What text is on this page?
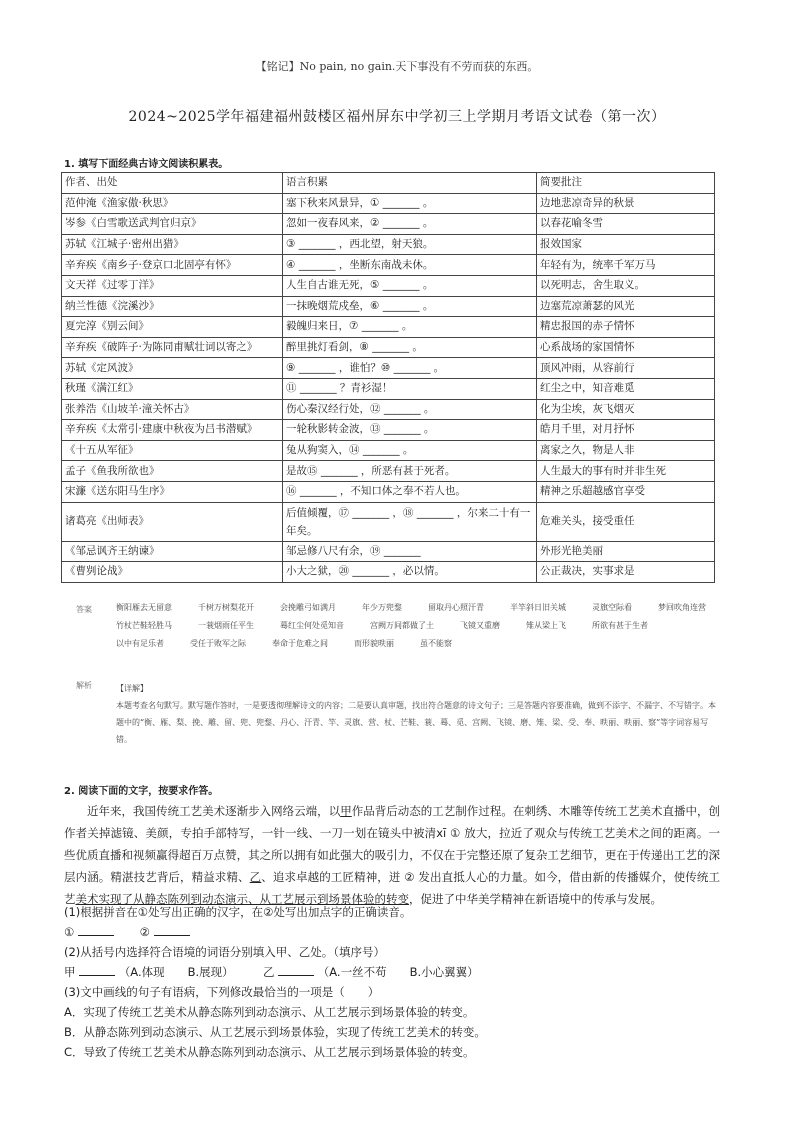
【铭记】No pain, no gain.天下事没有不劳而获的东西。
2024~2025学年福建福州鼓楼区福州屏东中学初三上学期月考语文试卷（第一次）
1. 填写下面经典古诗文阅读积累表。
作者、出处	语言积累	简要批注
范仲淹《渔家傲·秋思》	塞下秋来风景异，① _______ 。	边地悲凉奇异的秋景
岑参《白雪歌送武判官归京》	忽如一夜春风来，② _______ 。	以春花喻冬雪
苏轼《江城子·密州出猎》	③ _______ ，西北望，射天狼。	报效国家
辛弃疾《南乡子·登京口北固亭有怀》	④ _______ ，坐断东南战未休。	年轻有为，统率千军万马
文天祥《过零丁洋》	人生自古谁无死，⑤ _______ 。	以死明志，舍生取义。
纳兰性德《浣溪沙》	一抹晚烟荒戍垒，⑥ _______ 。	边塞荒凉萧瑟的风光
夏完淳《别云间》	毅魄归来日，⑦ _______ 。	精忠报国的赤子情怀
辛弃疾《破阵子·为陈同甫赋壮词以寄之》	醉里挑灯看剑，⑧ _______ 。	心系战场的家国情怀
苏轼《定风波》	⑨ _______ ，谁怕？⑩ _______ 。	顶风冲雨，从容前行
秋瑾《满江红》	⑪ _______ ？青衫湿！	红尘之中，知音难觅
张养浩《山坡羊·潼关怀古》	伤心秦汉经行处，⑫ _______ 。	化为尘埃，灰飞烟灭
辛弃疾《太常引·建康中秋夜为吕书潜赋》	一轮秋影转金波，⑬ _______ 。	皓月千里，对月抒怀
《十五从军征》	兔从狗窦入，⑭ _______ 。	离家之久，物是人非
孟子《鱼我所欲也》	是故⑮ _______ ，所恶有甚于死者。	人生最大的事有时并非生死
宋濂《送东阳马生序》	⑯ _______ ，不知口体之奉不若人也。	精神之乐超越感官享受
诸葛亮《出师表》	后值倾覆，⑰ _______ ，⑱ _______ ，尔来二十有一年矣。	危难关头，接受重任
《邹忌讽齐王纳谏》	邹忌修八尺有余，⑲ _______	外形光艳美丽
《曹刿论战》	小大之狱，⑳ _______ ，必以情。	公正裁决，实事求是
答案	衡阳雁去无留意	千树万树梨花开	会挽雕弓如满月	年少万兜鍪	留取丹心照汗青	半竿斜日旧关城	灵旗空际看	梦回吹角连营
竹杖芒鞋轻胜马	一蓑烟雨任平生	蓦红尘何处觅知音	宫阙万间都做了土	飞镜又重磨	雉从梁上飞	所欲有甚于生者
以中有足乐者	受任于败军之际	奉命于危难之间	而形貌昳丽	虽不能察
解析	【详解】
本题考查名句默写。默写题作答时，一是要透彻理解诗文的内容；二是要认真审题，找出符合题意的诗文句子；三是答题内容要准确，做到不添字、不漏字、不写错字。本题中的“衡、雁、梨、挽、雕、留、兜、兜鍪、丹心、汗青、竿、灵旗、营、杖、芒鞋、蓑、蓦、觅、宫阙、飞镜、磨、雉、梁、受、奉、昳丽、昳丽、察”等字词容易写错。
2. 阅读下面的文字，按要求作答。
近年来，我国传统工艺美术逐渐步入网络云端，以甲作品背后动态的工艺制作过程。在刺绣、木雕等传统工艺美术直播中，创作者关掉滤镜、美颜，专拍手部特写，一针一线、一刀一划在镜头中被清xī ① 放大，拉近了观众与传统工艺美术之间的距离。一些优质直播和视频赢得超百万点赞，其之所以拥有如此强大的吸引力，不仅在于完整还原了复杂工艺细节，更在于传递出工艺的深层内涵。精湛技艺背后，精益求精、乙、追求卓越的工匠精神，迸 ② 发出直抵人心的力量。如今，借由新的传播媒介，使传统工艺美术实现了从静态陈列到动态演示、从工艺展示到场景体验的转变，促进了中华美学精神在新语境中的传承与发展。
(1)根据拼音在①处写出正确的汉字，在②处写出加点字的正确读音。
①	②
(2)从括号内选择符合语境的词语分别填入甲、乙处。（填序号）
甲	（A.体现　　B.展现）	乙	（A.一丝不苟　　B.小心翼翼）
(3)文中画线的句子有语病，下列修改最恰当的一项是（　　）
A．实现了传统工艺美术从静态陈列到动态演示、从工艺展示到场景体验的转变。
B．从静态陈列到动态演示、从工艺展示到场景体验，实现了传统工艺美术的转变。
C．导致了传统工艺美术从静态陈列到动态演示、从工艺展示到场景体验的转变。
